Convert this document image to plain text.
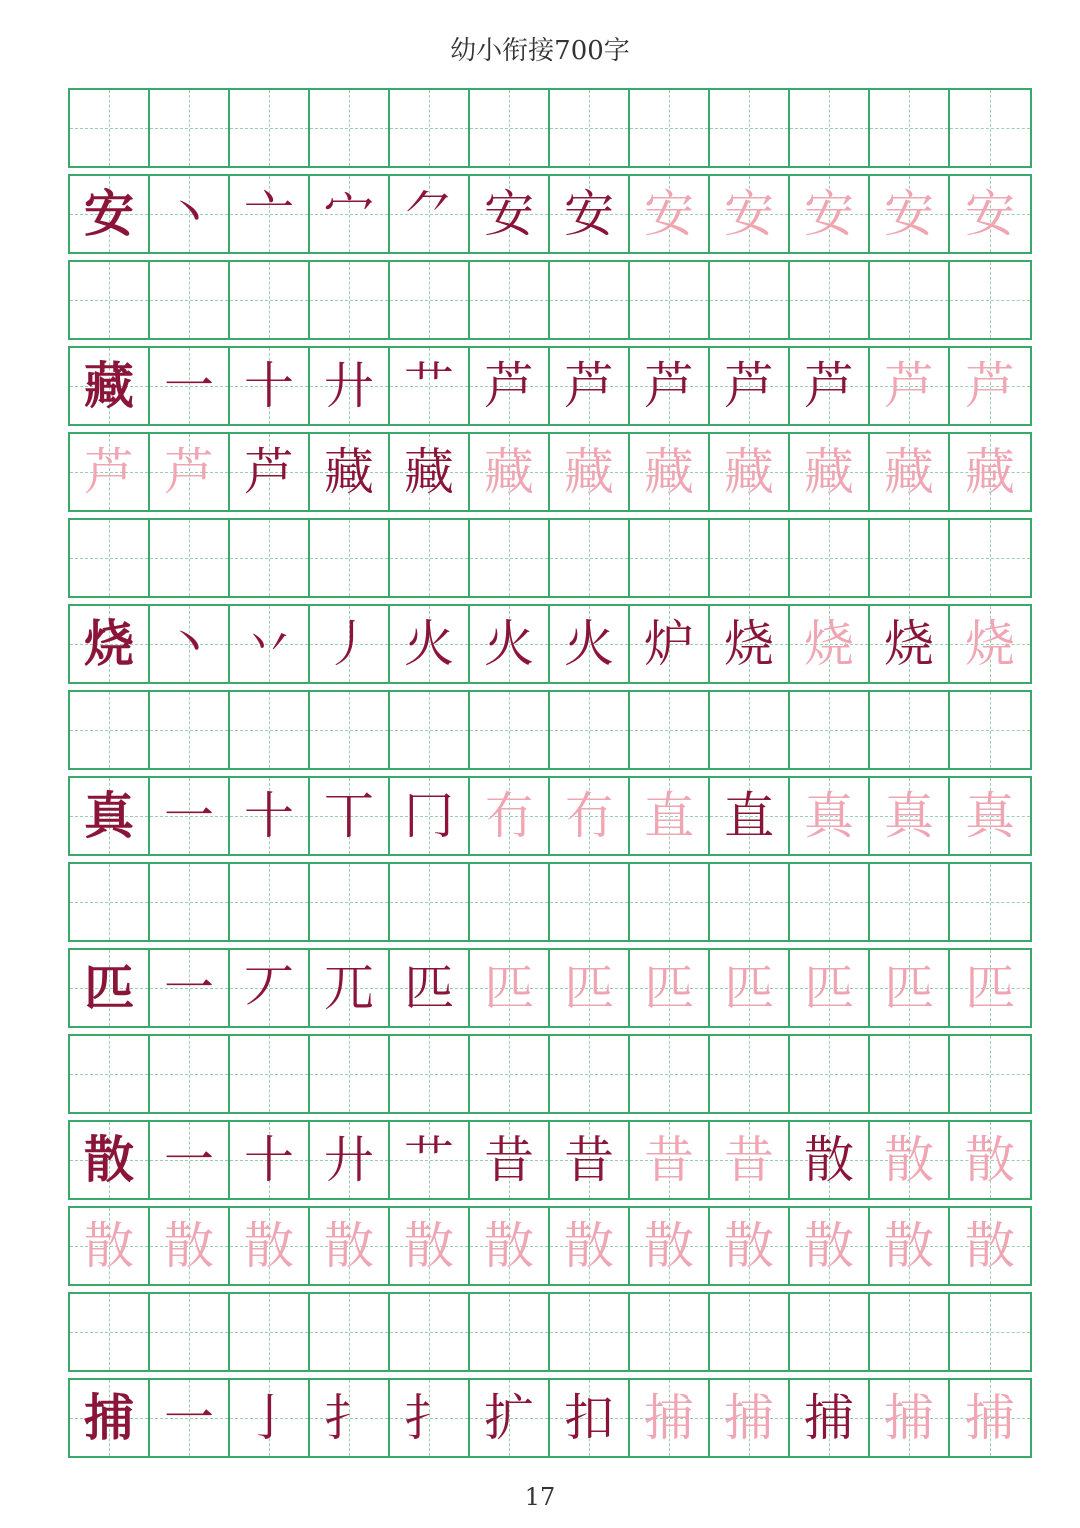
幼小衔接700字
安 丶 亠 宀 ⺈ 安 安 安 安 安 安 安
藏 一 十 廾 艹 芦 芦 芦 芦 芦 芦 芦
芦 芦 芦 藏 藏 藏 藏 藏 藏 藏 藏 藏
烧 丶 丷 丿 火 火 火 炉 烧 烧 烧 烧
真 一 十 丅 冂 冇 冇 直 直 真 真 真
匹 一 丆 兀 匹 匹 匹 匹 匹 匹 匹 匹
散 一 十 廾 艹 昔 昔 昔 昔 散 散 散
散 散 散 散 散 散 散 散 散 散 散 散
捕 一 亅 扌 扌 扩 扣 捕 捕 捕 捕 捕
17
